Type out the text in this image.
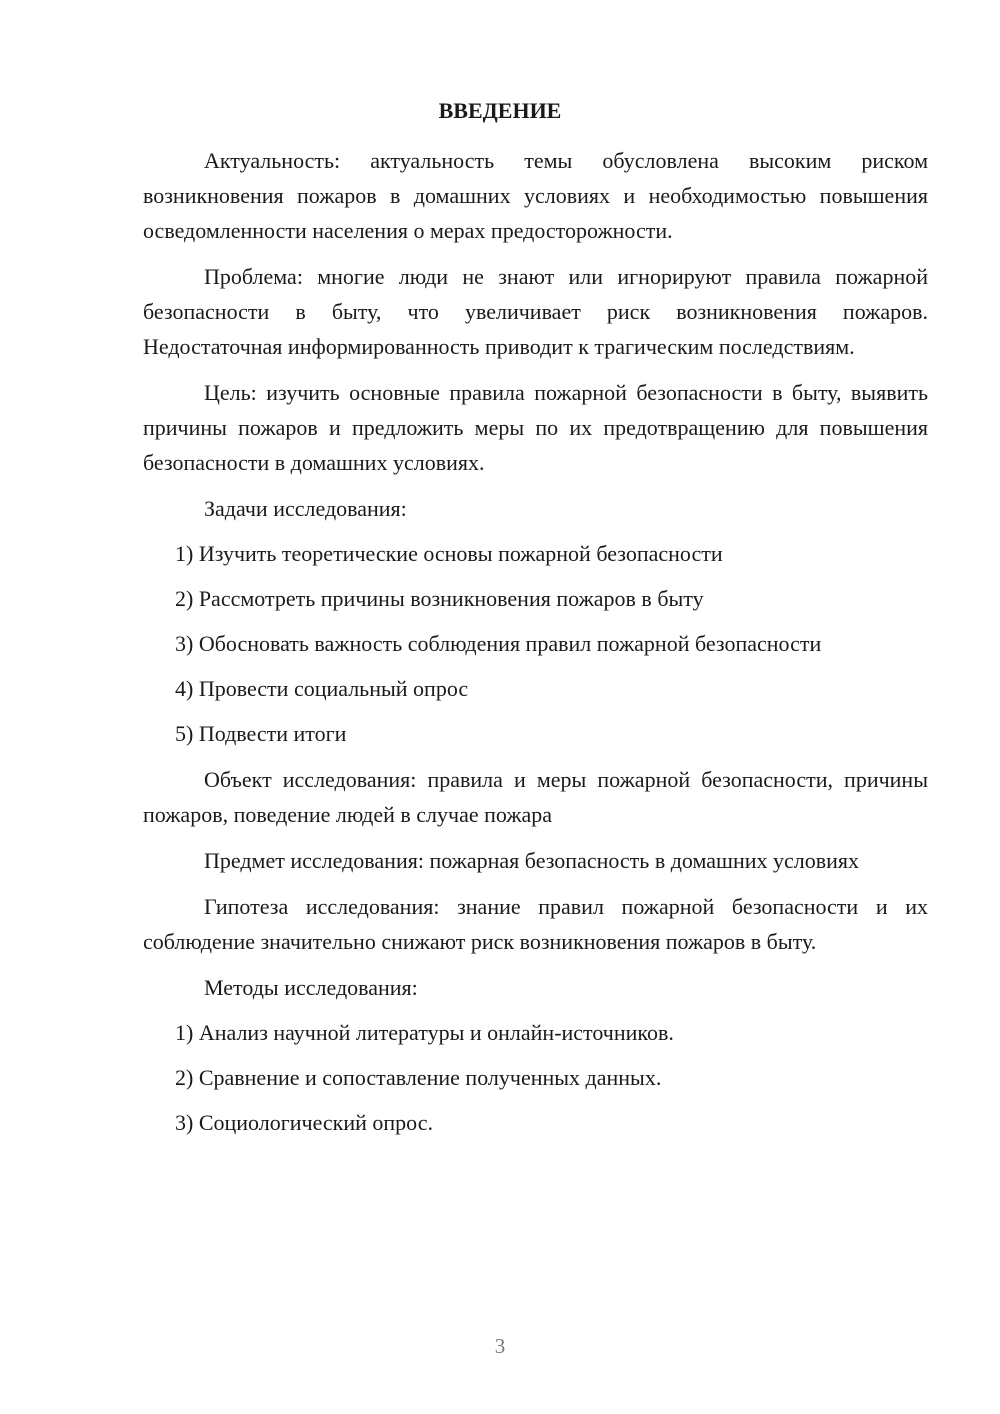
ВВЕДЕНИЕ

Актуальность: актуальность темы обусловлена высоким риском возникновения пожаров в домашних условиях и необходимостью повышения осведомленности населения о мерах предосторожности.

Проблема: многие люди не знают или игнорируют правила пожарной безопасности в быту, что увеличивает риск возникновения пожаров. Недостаточная информированность приводит к трагическим последствиям.

Цель: изучить основные правила пожарной безопасности в быту, выявить причины пожаров и предложить меры по их предотвращению для повышения безопасности в домашних условиях.

Задачи исследования:

1) Изучить теоретические основы пожарной безопасности

2) Рассмотреть причины возникновения пожаров в быту

3) Обосновать важность соблюдения правил пожарной безопасности

4) Провести социальный опрос

5) Подвести итоги

Объект исследования: правила и меры пожарной безопасности, причины пожаров, поведение людей в случае пожара

Предмет исследования: пожарная безопасность в домашних условиях

Гипотеза исследования: знание правил пожарной безопасности и их соблюдение значительно снижают риск возникновения пожаров в быту.

Методы исследования:

1) Анализ научной литературы и онлайн-источников.

2) Сравнение и сопоставление полученных данных.

3) Социологический опрос.

3
